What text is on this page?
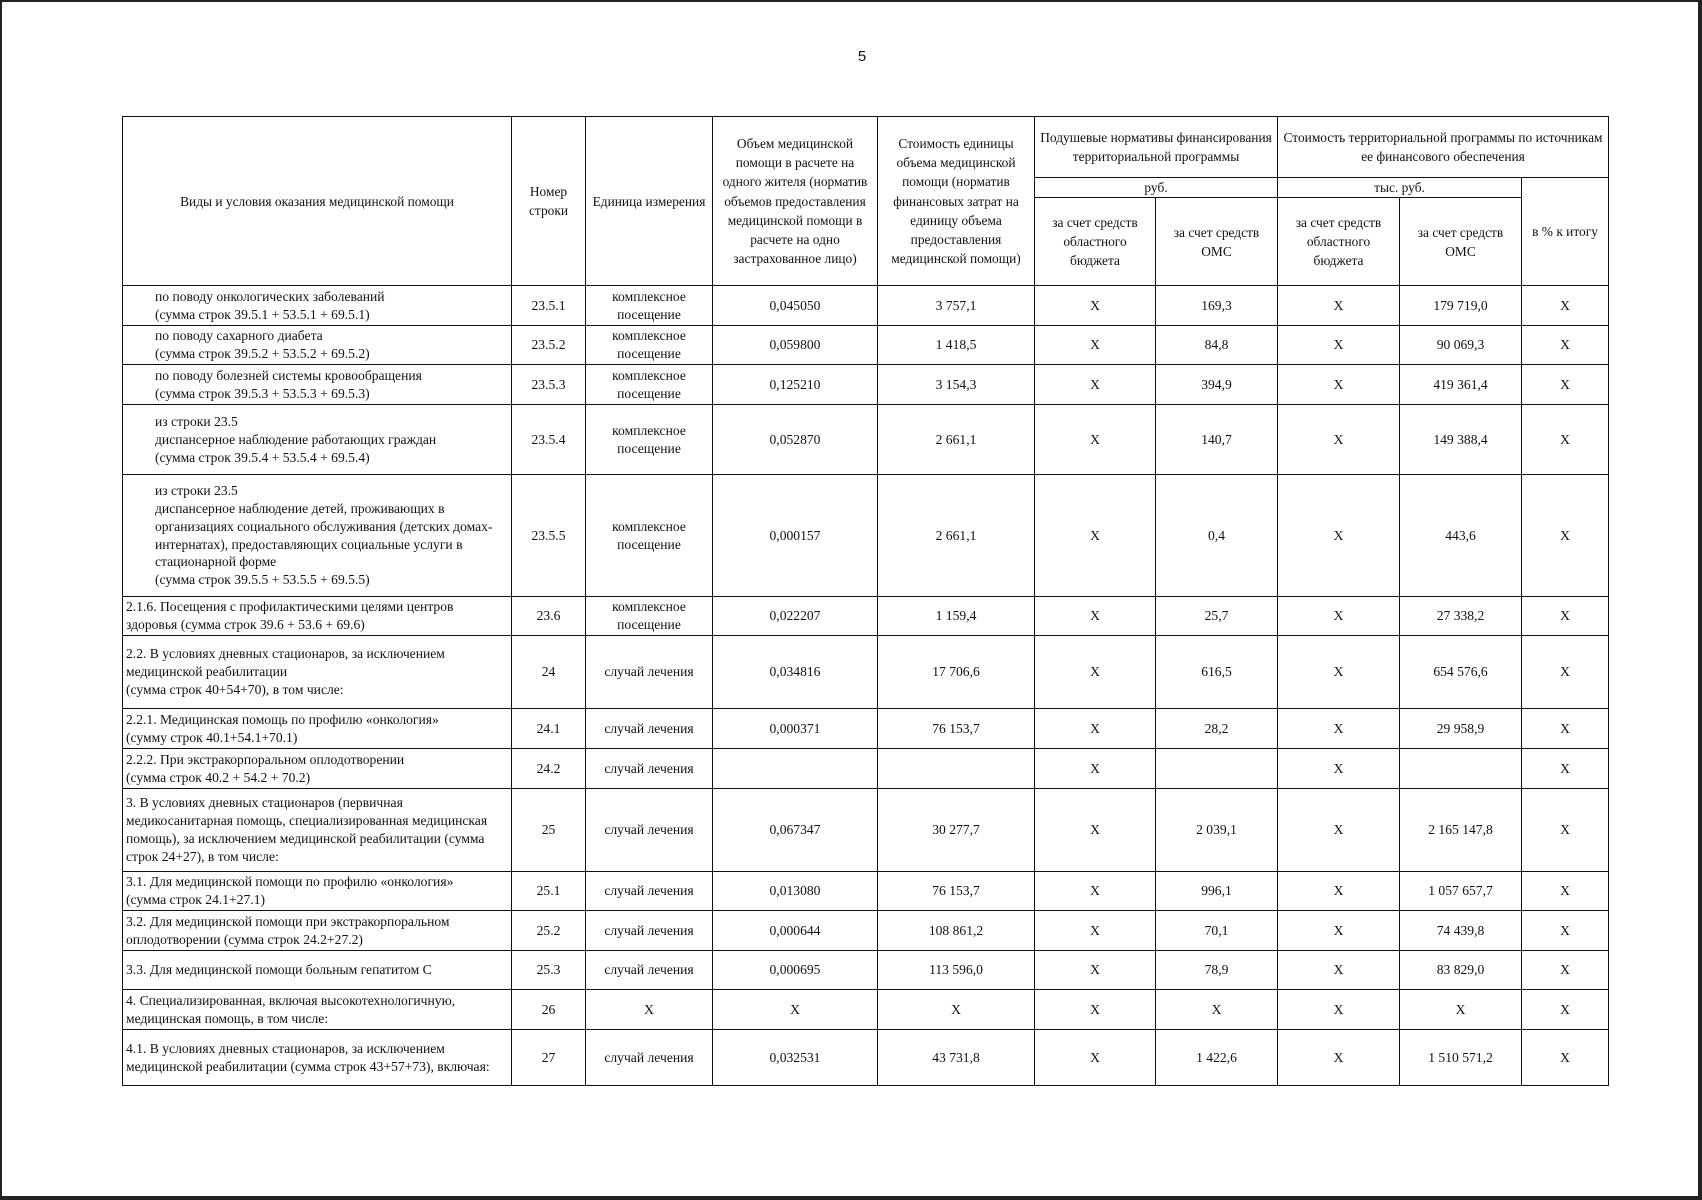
5
Виды и условия оказания медицинской помощи	Номер строки	Единица измерения	Объем медицинской помощи в расчете на одного жителя (норматив объемов предоставления медицинской помощи в расчете на одно застрахованное лицо)	Стоимость единицы объема медицинской помощи (норматив финансовых затрат на единицу объема предоставления медицинской помощи)	Подушевые нормативы финансирования территориальной программы		Стоимость территориальной программы по источникам ее финансового обеспечения		
					руб.		тыс. руб.		в % к итогу
					за счет средств областного бюджета	за счет средств ОМС	за счет средств областного бюджета	за счет средств ОМС	
по поводу онкологических заболеваний
(сумма строк 39.5.1 + 53.5.1 + 69.5.1)	23.5.1	комплексное посещение	0,045050	3 757,1	Х	169,3	Х	179 719,0	Х
по поводу сахарного диабета
(сумма строк 39.5.2 + 53.5.2 + 69.5.2)	23.5.2	комплексное посещение	0,059800	1 418,5	Х	84,8	Х	90 069,3	Х
по поводу болезней системы кровообращения
(сумма строк 39.5.3 + 53.5.3 + 69.5.3)	23.5.3	комплексное посещение	0,125210	3 154,3	Х	394,9	Х	419 361,4	Х
из строки 23.5
диспансерное наблюдение работающих граждан
(сумма строк 39.5.4 + 53.5.4 + 69.5.4)	23.5.4	комплексное посещение	0,052870	2 661,1	Х	140,7	Х	149 388,4	Х
из строки 23.5
диспансерное наблюдение детей, проживающих в организациях социального обслуживания (детских домах-интернатах), предоставляющих социальные услуги в стационарной форме
(сумма строк 39.5.5 + 53.5.5 + 69.5.5)	23.5.5	комплексное посещение	0,000157	2 661,1	Х	0,4	Х	443,6	Х
2.1.6. Посещения с профилактическими целями центров здоровья (сумма строк 39.6 + 53.6 + 69.6)	23.6	комплексное посещение	0,022207	1 159,4	Х	25,7	Х	27 338,2	Х
2.2. В условиях дневных стационаров, за исключением медицинской реабилитации
(сумма строк 40+54+70), в том числе:	24	случай лечения	0,034816	17 706,6	Х	616,5	Х	654 576,6	Х
2.2.1. Медицинская помощь по профилю «онкология»
(сумму строк 40.1+54.1+70.1)	24.1	случай лечения	0,000371	76 153,7	Х	28,2	Х	29 958,9	Х
2.2.2. При экстракорпоральном оплодотворении
(сумма строк 40.2 + 54.2 + 70.2)	24.2	случай лечения			Х		Х		Х
3. В условиях дневных стационаров (первичная медикосанитарная помощь, специализированная медицинская помощь), за исключением медицинской реабилитации (сумма строк 24+27), в том числе:	25	случай лечения	0,067347	30 277,7	Х	2 039,1	Х	2 165 147,8	Х
3.1. Для медицинской помощи по профилю «онкология»
(сумма строк 24.1+27.1)	25.1	случай лечения	0,013080	76 153,7	Х	996,1	Х	1 057 657,7	Х
3.2. Для медицинской помощи при экстракорпоральном оплодотворении (сумма строк 24.2+27.2)	25.2	случай лечения	0,000644	108 861,2	Х	70,1	Х	74 439,8	Х
3.3. Для медицинской помощи больным гепатитом С	25.3	случай лечения	0,000695	113 596,0	Х	78,9	Х	83 829,0	Х
4. Специализированная, включая высокотехнологичную, медицинская помощь, в том числе:	26	Х	Х	Х	Х	Х	Х	Х	Х
4.1. В условиях дневных стационаров, за исключением медицинской реабилитации (сумма строк 43+57+73), включая:	27	случай лечения	0,032531	43 731,8	Х	1 422,6	Х	1 510 571,2	Х
